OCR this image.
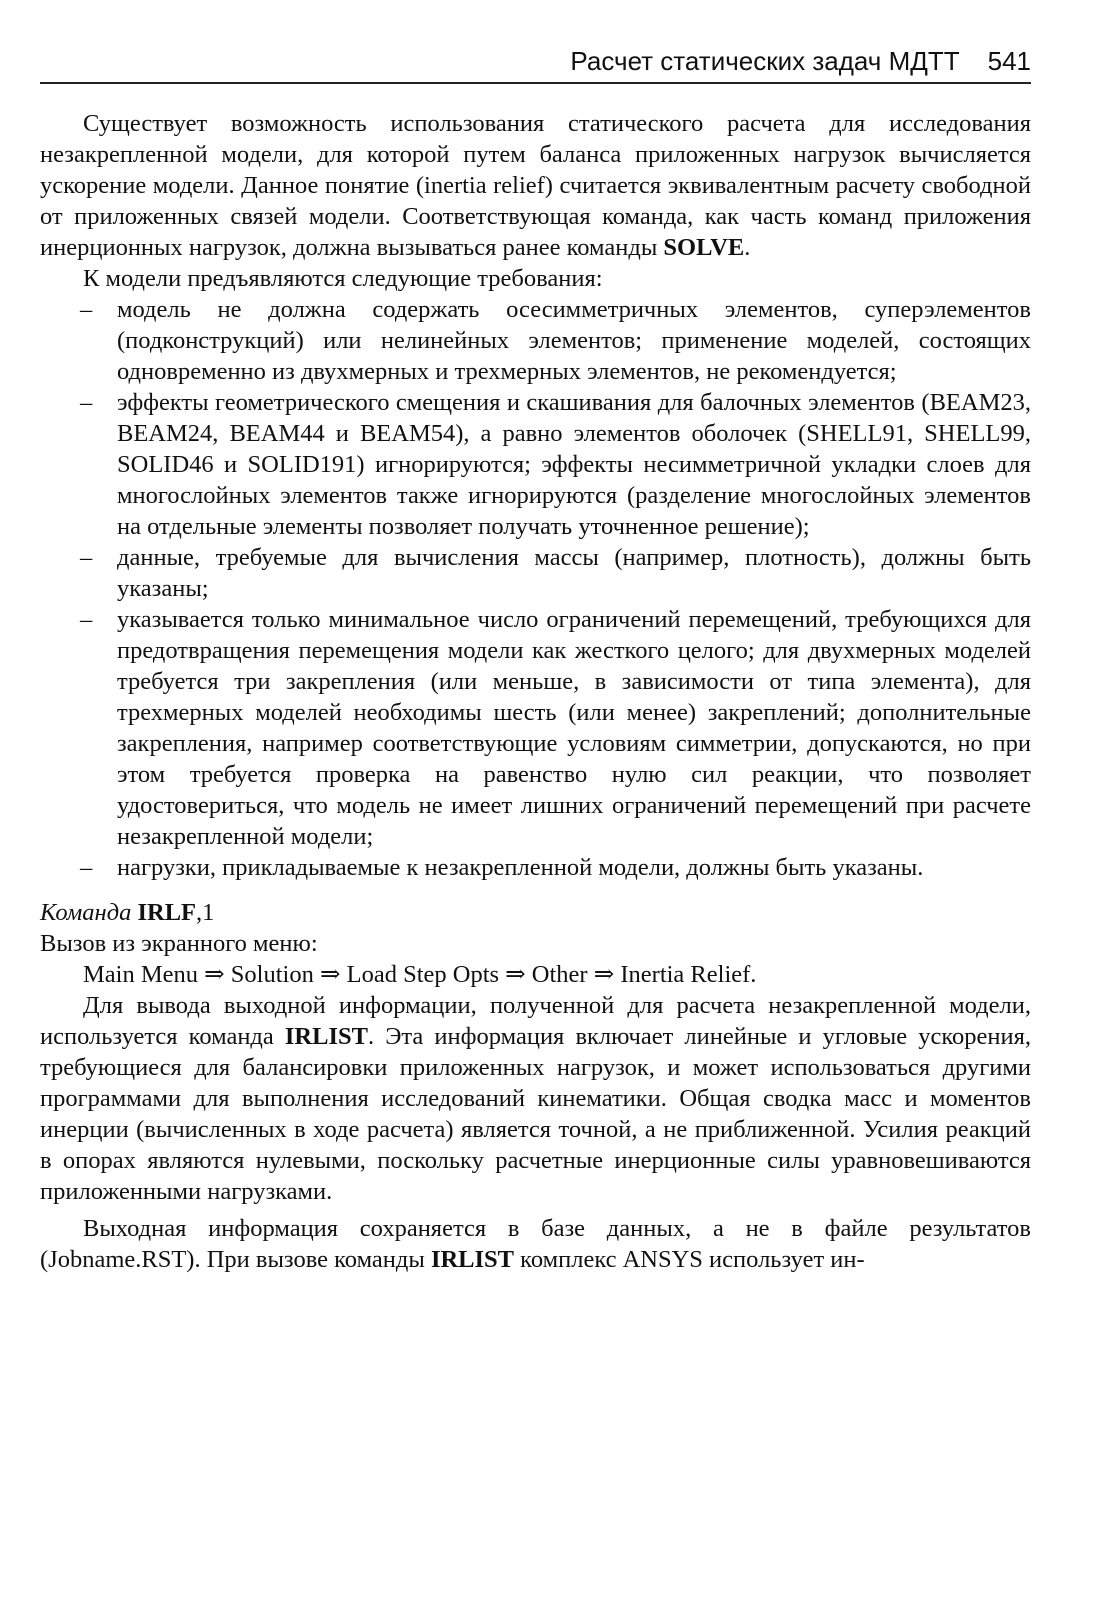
Расчет статических задач МДТТ 541

Существует возможность использования статического расчета для исследования незакрепленной модели, для которой путем баланса приложенных нагрузок вычисляется ускорение модели. Данное понятие (inertia relief) считается эквивалентным расчету свободной от приложенных связей модели. Соответствующая команда, как часть команд приложения инерционных нагрузок, должна вызываться ранее команды SOLVE.

К модели предъявляются следующие требования:

– модель не должна содержать осесимметричных элементов, суперэлементов (подконструкций) или нелинейных элементов; применение моделей, состоящих одновременно из двухмерных и трехмерных элементов, не рекомендуется;
– эффекты геометрического смещения и скашивания для балочных элементов (BEAM23, BEAM24, BEAM44 и BEAM54), а равно элементов оболочек (SHELL91, SHELL99, SOLID46 и SOLID191) игнорируются; эффекты несимметричной укладки слоев для многослойных элементов также игнорируются (разделение многослойных элементов на отдельные элементы позволяет получать уточненное решение);
– данные, требуемые для вычисления массы (например, плотность), должны быть указаны;
– указывается только минимальное число ограничений перемещений, требующихся для предотвращения перемещения модели как жесткого целого; для двухмерных моделей требуется три закрепления (или меньше, в зависимости от типа элемента), для трехмерных моделей необходимы шесть (или менее) закреплений; дополнительные закрепления, например соответствующие условиям симметрии, допускаются, но при этом требуется проверка на равенство нулю сил реакции, что позволяет удостовериться, что модель не имеет лишних ограничений перемещений при расчете незакрепленной модели;
– нагрузки, прикладываемые к незакрепленной модели, должны быть указаны.

Команда IRLF,1

Вызов из экранного меню:

Main Menu ⇒ Solution ⇒ Load Step Opts ⇒ Other ⇒ Inertia Relief.

Для вывода выходной информации, полученной для расчета незакрепленной модели, используется команда IRLIST. Эта информация включает линейные и угловые ускорения, требующиеся для балансировки приложенных нагрузок, и может использоваться другими программами для выполнения исследований кинематики. Общая сводка масс и моментов инерции (вычисленных в ходе расчета) является точной, а не приближенной. Усилия реакций в опорах являются нулевыми, поскольку расчетные инерционные силы уравновешиваются приложенными нагрузками.

Выходная информация сохраняется в базе данных, а не в файле результатов (Jobname.RST). При вызове команды IRLIST комплекс ANSYS использует ин-
